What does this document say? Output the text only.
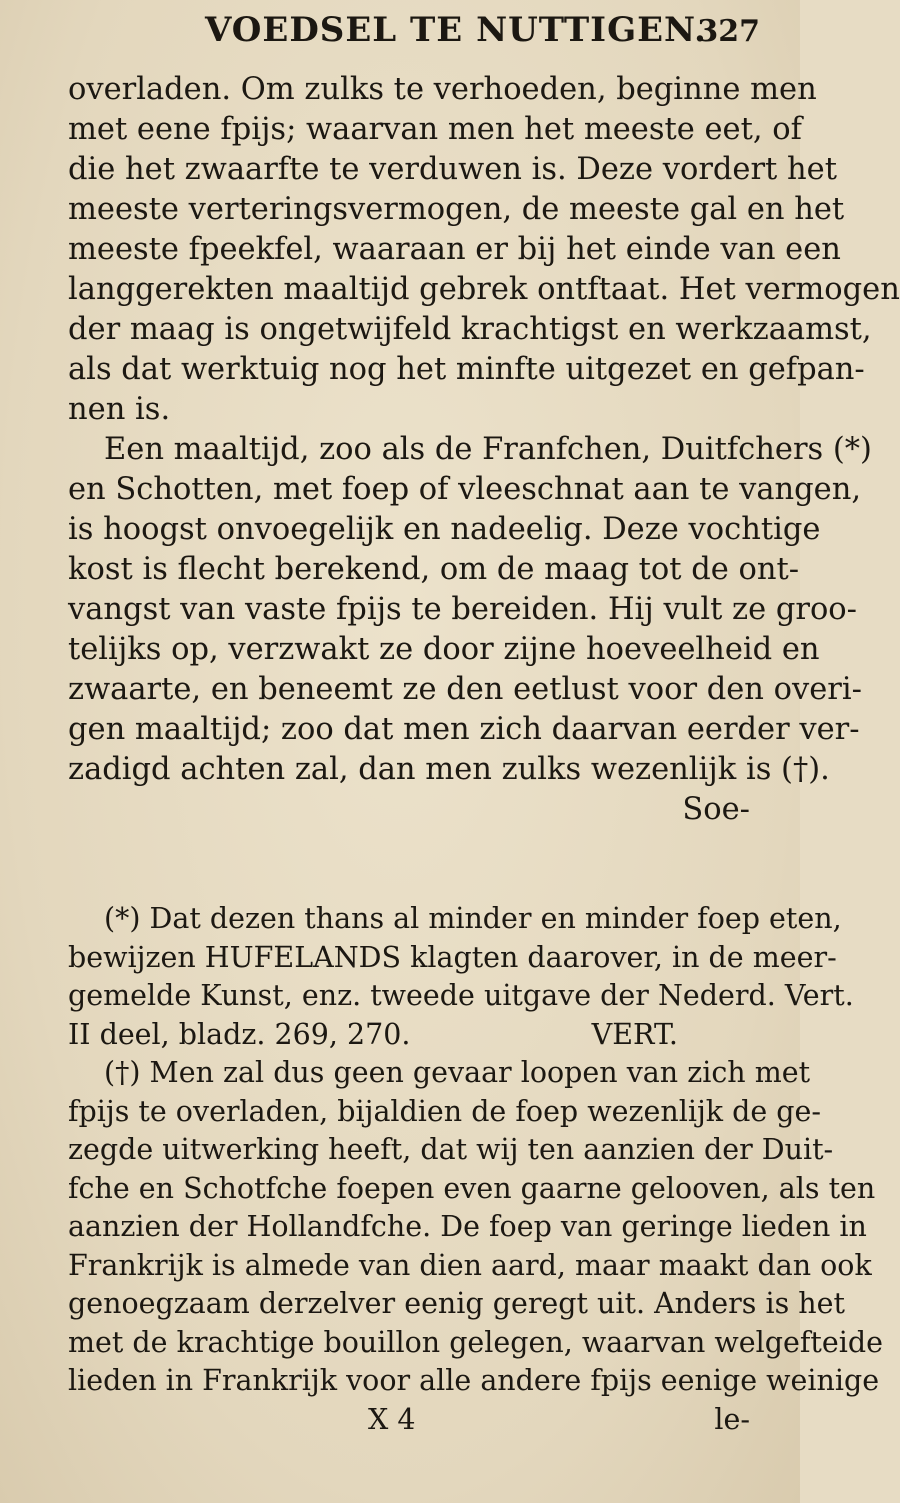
VOEDSEL TE NUTTIGEN.
327
overladen. Om zulks te verhoeden, beginne men
met eene fpijs; waarvan men het meeste eet, of
die het zwaarfte te verduwen is. Deze vordert het
meeste verteringsvermogen, de meeste gal en het
meeste fpeekfel, waaraan er bij het einde van een
langgerekten maaltijd gebrek ontftaat. Het vermogen
der maag is ongetwijfeld krachtigst en werkzaamst,
als dat werktuig nog het minfte uitgezet en gefpan-
nen is.
Een maaltijd, zoo als de Franfchen, Duitfchers (*)
en Schotten, met foep of vleeschnat aan te vangen,
is hoogst onvoegelijk en nadeelig. Deze vochtige
kost is flecht berekend, om de maag tot de ont-
vangst van vaste fpijs te bereiden. Hij vult ze groo-
telijks op, verzwakt ze door zijne hoeveelheid en
zwaarte, en beneemt ze den eetlust voor den overi-
gen maaltijd; zoo dat men zich daarvan eerder ver-
zadigd achten zal, dan men zulks wezenlijk is (†).
Soe-
(*) Dat dezen thans al minder en minder foep eten,
bewijzen HUFELANDS klagten daarover, in de meer-
gemelde Kunst, enz. tweede uitgave der Nederd. Vert.
II deel, bladz. 269, 270.                    VERT.
(†) Men zal dus geen gevaar loopen van zich met
fpijs te overladen, bijaldien de foep wezenlijk de ge-
zegde uitwerking heeft, dat wij ten aanzien der Duit-
fche en Schotfche foepen even gaarne gelooven, als ten
aanzien der Hollandfche. De foep van geringe lieden in
Frankrijk is almede van dien aard, maar maakt dan ook
genoegzaam derzelver eenig geregt uit. Anders is het
met de krachtige bouillon gelegen, waarvan welgefteide
lieden in Frankrijk voor alle andere fpijs eenige weinige
X 4	le-
